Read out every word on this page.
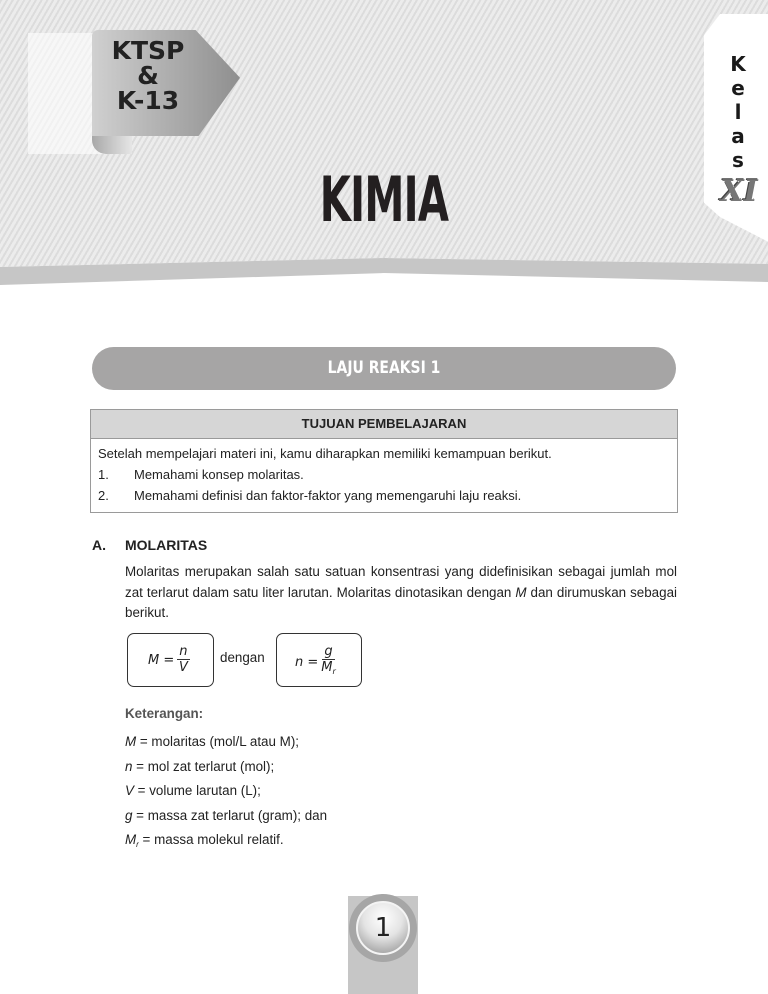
KTSP
&
K-13
KIMIA
K
e
l
a
s
XI
LAJU REAKSI 1
TUJUAN PEMBELAJARAN
Setelah mempelajari materi ini, kamu diharapkan memiliki kemampuan berikut.
1.	Memahami konsep molaritas.
2.	Memahami definisi dan faktor-faktor yang memengaruhi laju reaksi.
A.	MOLARITAS
Molaritas merupakan salah satu satuan konsentrasi yang didefinisikan sebagai jumlah mol zat terlarut dalam satu liter larutan. Molaritas dinotasikan dengan M dan dirumuskan sebagai berikut.
M
= $\frac{n}{V}$ dengan n
= $\frac{g}{M_r}$
Keterangan:
M = molaritas (mol/L atau M);
n = mol zat terlarut (mol);
V = volume larutan (L);
g = massa zat terlarut (gram); dan
$M_r$ = massa molekul relatif.
1
